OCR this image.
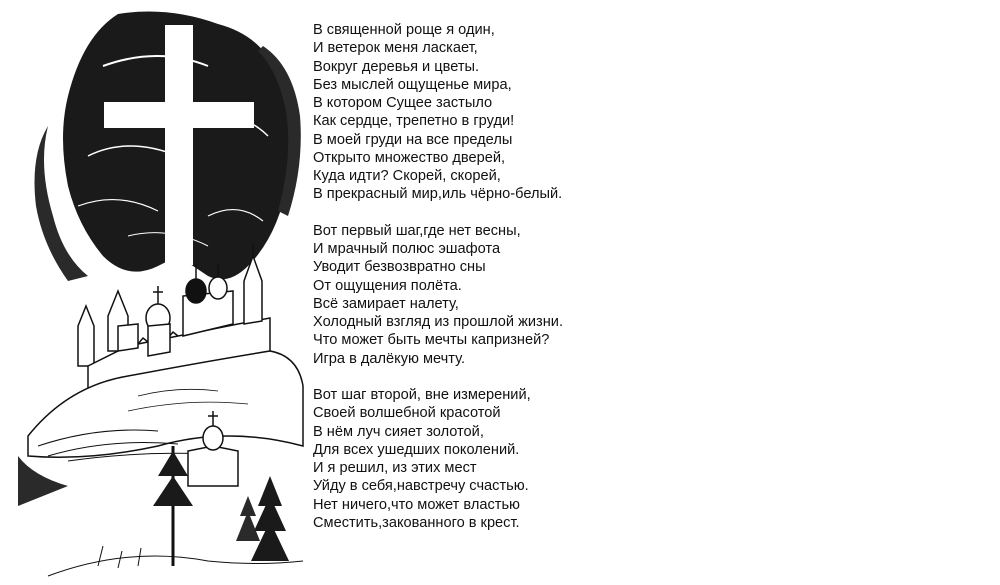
В священной роще я один,
И ветерок меня ласкает,
Вокруг деревья и цветы.
Без мыслей ощущенье мира,
В котором Сущее застыло
Как сердце, трепетно в груди!
В моей груди на все пределы
Открыто множество дверей,
Куда идти? Скорей, скорей,
В прекрасный мир,иль чёрно-белый.
Вот первый шаг,где нет весны,
И мрачный полюс эшафота
Уводит безвозвратно сны
От ощущения полёта.
Всё замирает налету,
Холодный взгляд из прошлой жизни.
Что может быть мечты капризней?
Игра в далёкую мечту.
Вот шаг второй, вне измерений,
Своей волшебной красотой
В нём луч сияет золотой,
Для всех ушедших поколений.
И я решил, из этих мест
Уйду в себя,навстречу счастью.
Нет ничего,что может властью
Сместить,закованного в крест.
